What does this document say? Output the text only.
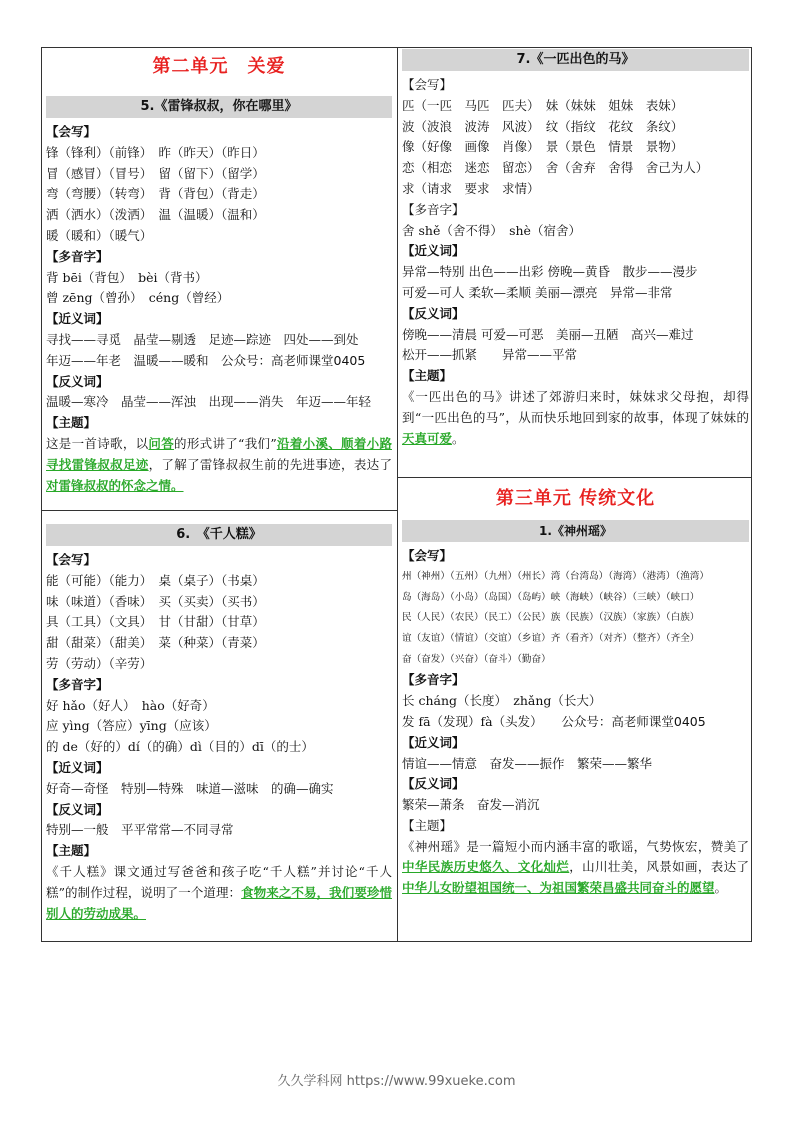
第二单元　关爱
5.《雷锋叔叔，你在哪里》
【会写】
锋（锋利）（前锋）　昨（昨天）（昨日）
冒（感冒）（冒号）　留（留下）（留学）
弯（弯腰）（转弯）　背（背包）（背走）
洒（洒水）（泼洒）　温（温暖）（温和）
暖（暖和）（暖气）
【多音字】
背 bēi（背包）　bèi（背书）
曾 zēng（曾孙）　céng（曾经）
【近义词】
寻找——寻觅　晶莹—剔透　足迹—踪迹　四处——到处
年迈——年老　温暖——暖和　 公众号：高老师课堂0405
【反义词】
温暖—寒冷　晶莹——浑浊　出现——消失　年迈——年轻
【主题】
这是一首诗歌，以问答的形式讲了“我们”沿着小溪、顺着小路寻找雷锋叔叔足迹，了解了雷锋叔叔生前的先进事迹，表达了对雷锋叔叔的怀念之情。
6.　《千人糕》
【会写】
能（可能）（能力）　桌（桌子）（书桌）
味（味道）（香味）　买（买卖）（买书）
具（工具）（文具）　甘（甘甜）（甘草）
甜（甜菜）（甜美）　菜（种菜）（青菜）
劳（劳动）（辛劳）
【多音字】
好 hǎo（好人）　hào（好奇）
应 yìng（答应）yīng（应该）
的 de（好的）dí（的确）dì（目的）dī（的士）
【近义词】
好奇—奇怪　特别—特殊　味道—滋味　的确—确实
【反义词】
特别—一般　平平常常—不同寻常
【主题】
《千人糕》课文通过写爸爸和孩子吃“千人糕”并讨论“千人糕”的制作过程，说明了一个道理：食物来之不易，我们要珍惜别人的劳动成果。
7.《一匹出色的马》
【会写】
匹（一匹　马匹　匹夫）　妹（妹妹　姐妹　表妹）
波（波浪　波涛　风波）　纹（指纹　花纹　条纹）
像（好像　画像　肖像）　景（景色　情景　景物）
恋（相恋　迷恋　留恋）　舍（舍弃　舍得　舍己为人）
求（请求　要求　求情）
【多音字】
舍 shě（舍不得）　shè（宿舍）
【近义词】
异常—特别 出色——出彩 傍晚—黄昏　散步——漫步
可爱—可人 柔软—柔顺 美丽—漂亮　异常—非常
【反义词】
傍晚——清晨 可爱—可恶　美丽—丑陋　高兴—难过
松开——抓紧　　异常——平常
【主题】
《一匹出色的马》讲述了郊游归来时，妹妹求父母抱，却得到“一匹出色的马”，从而快乐地回到家的故事，体现了妹妹的天真可爱。
第三单元 传统文化
1.《神州瑶》
【会写】
州（神州）（五州）（九州）（州长）湾（台湾岛）（海湾）（港湾）（渔湾）
岛（海岛）（小岛）（岛国）（岛屿）峡（海峡）（峡谷）（三峡）（峡口）
民（人民）（农民）（民工）（公民）族（民族）（汉族）（家族）（白族）
谊（友谊）（情谊）（交谊）（乡谊）齐（看齐）（对齐）（整齐）（齐全）
奋（奋发）（兴奋）（奋斗）（勤奋）
【多音字】
长 cháng（长度）　zhǎng（长大）
发 fā（发现）fà（头发）　　 公众号：高老师课堂0405
【近义词】
情谊——情意　奋发——振作　繁荣——繁华
【反义词】
繁荣—萧条　奋发—消沉
【主题】
《神州瑶》是一篇短小而内涵丰富的歌谣，气势恢宏，赞美了中华民族历史悠久、文化灿烂，山川壮美，风景如画，表达了中华儿女盼望祖国统一、为祖国繁荣昌盛共同奋斗的愿望。
久久学科网 https://www.99xueke.com
